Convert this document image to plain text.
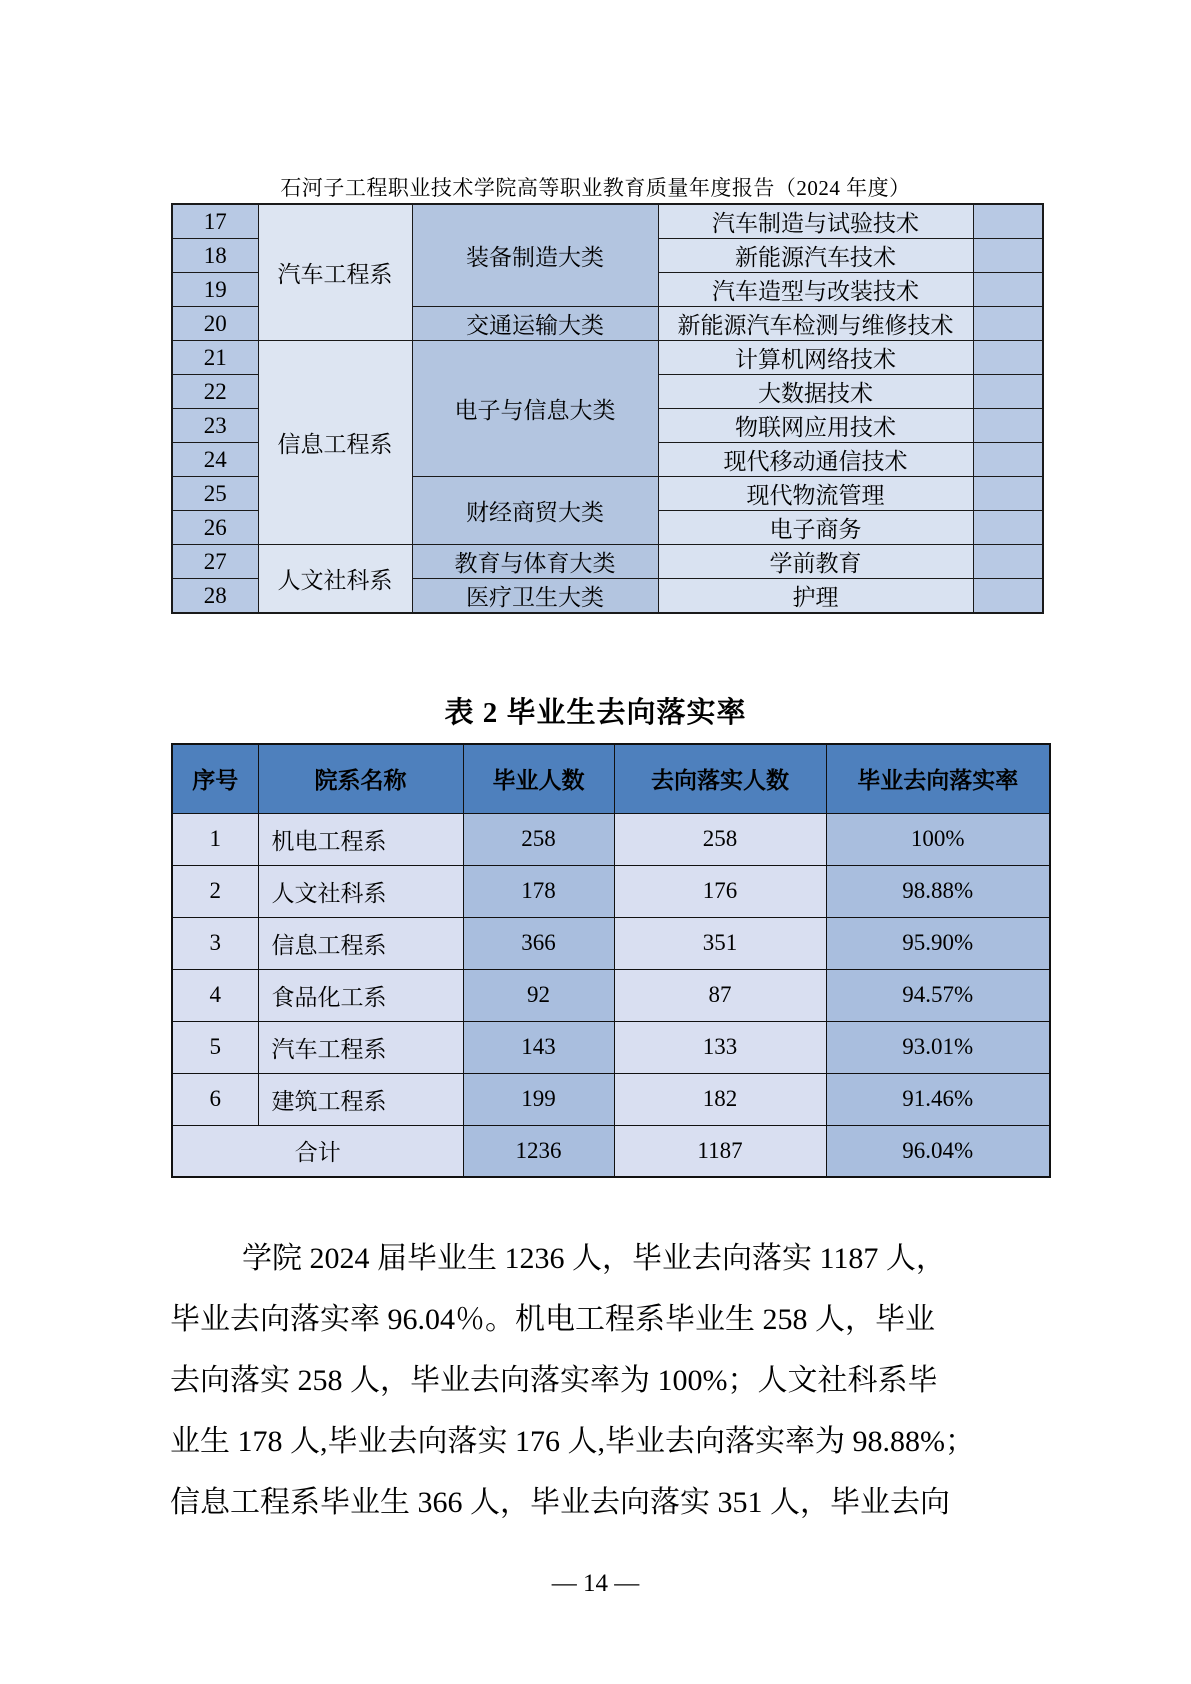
石河子工程职业技术学院高等职业教育质量年度报告（2024 年度）
17	汽车工程系	装备制造大类	汽车制造与试验技术	
18			新能源汽车技术	
19			汽车造型与改装技术	
20		交通运输大类	新能源汽车检测与维修技术	
21	信息工程系	电子与信息大类	计算机网络技术	
22			大数据技术	
23			物联网应用技术	
24			现代移动通信技术	
25		财经商贸大类	现代物流管理	
26			电子商务	
27	人文社科系	教育与体育大类	学前教育	
28		医疗卫生大类	护理	
表 2 毕业生去向落实率
序号	院系名称	毕业人数	去向落实人数	毕业去向落实率
1	机电工程系	258	258	100%
2	人文社科系	178	176	98.88%
3	信息工程系	366	351	95.90%
4	食品化工系	92	87	94.57%
5	汽车工程系	143	133	93.01%
6	建筑工程系	199	182	91.46%
合计		1236	1187	96.04%
学院 2024 届毕业生 1236 人，毕业去向落实 1187 人，
毕业去向落实率 96.04％。机电工程系毕业生 258 人，毕业
去向落实 258 人，毕业去向落实率为 100%；人文社科系毕
业生 178 人,毕业去向落实 176 人,毕业去向落实率为 98.88%；
信息工程系毕业生 366 人，毕业去向落实 351 人，毕业去向
— 14 —
